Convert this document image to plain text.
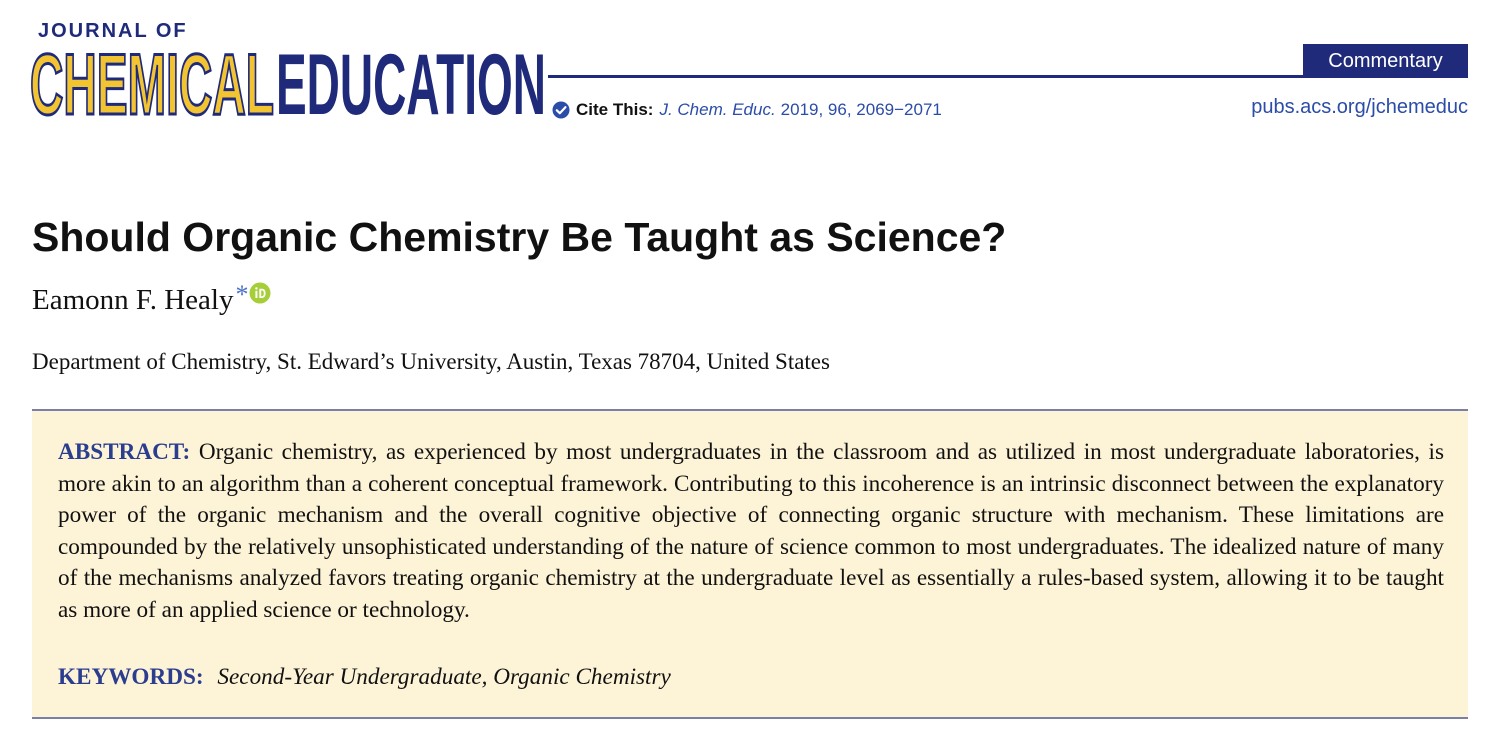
JOURNAL OF
CHEMICAL EDUCATION	Commentary
Cite This: J. Chem. Educ. 2019, 96, 2069−2071	pubs.acs.org/jchemeduc
Should Organic Chemistry Be Taught as Science?
Eamonn F. Healy *
Department of Chemistry, St. Edward’s University, Austin, Texas 78704, United States

ABSTRACT: Organic chemistry, as experienced by most undergraduates in the classroom and as utilized in most undergraduate laboratories, is more akin to an algorithm than a coherent conceptual framework. Contributing to this incoherence is an intrinsic disconnect between the explanatory power of the organic mechanism and the overall cognitive objective of connecting organic structure with mechanism. These limitations are compounded by the relatively unsophisticated understanding of the nature of science common to most undergraduates. The idealized nature of many of the mechanisms analyzed favors treating organic chemistry at the undergraduate level as essentially a rules-based system, allowing it to be taught as more of an applied science or technology.

KEYWORDS: Second-Year Undergraduate, Organic Chemistry
